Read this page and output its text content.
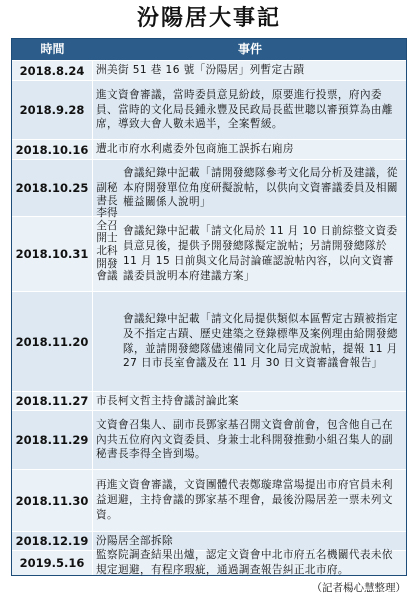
汾陽居大事記
時間	事件
2018.8.24	洲美街 51 巷 16 號「汾陽居」列暫定古蹟
2018.9.28
進文資會審議，當時委員意見紛歧，原要進行投票，府內委員、當時的文化局長鍾永豐及民政局長藍世聰以審預算為由離席，導致大會人數未過半，全案暫緩。
2018.10.16 遭北市府水利處委外包商施工誤拆右廂房
2018.10.25
會議紀錄中記載「請開發總隊參考文化局分析及建議，從本府開發單位角度研擬說帖，以供向文資審議委員及相關權益關係人說明」
2018.10.31
會議紀錄中記載「請文化局於 11 月 10 日前綜整文資委員意見後，提供予開發總隊擬定說帖；另請開發總隊於 11 月 15 日前與文化局討論確認說帖內容，以向文資審議委員說明本府建議方案」
2018.11.20
會議紀錄中記載「請文化局提供類似本區暫定古蹟被指定及不指定古蹟、歷史建築之登錄標準及案例理由給開發總隊，並請開發總隊儘速備同文化局完成說帖，提報 11 月 27 日市長室會議及在 11 月 30 日文資審議會報告」
2018.11.27 市長柯文哲主持會議討論此案
2018.11.29
文資會召集人、副市長鄧家基召開文資會前會，包含他自己在內共五位府內文資委員、身兼士北科開發推動小組召集人的副秘書長李得全皆到場。
2018.11.30
再進文資會審議，文資團體代表鄭璇瑋當場提出市府官員未利益迴避，主持會議的鄧家基不理會，最後汾陽居差一票未列文資。
2018.12.19 汾陽居全部拆除
2019.5.16
監察院調查結果出爐，認定文資會中北市府五名機關代表未依規定迴避，有程序瑕疵，通過調查報告糾正北市府。
副秘書長李得全召開士北科開發會議
（記者楊心慧整理）
